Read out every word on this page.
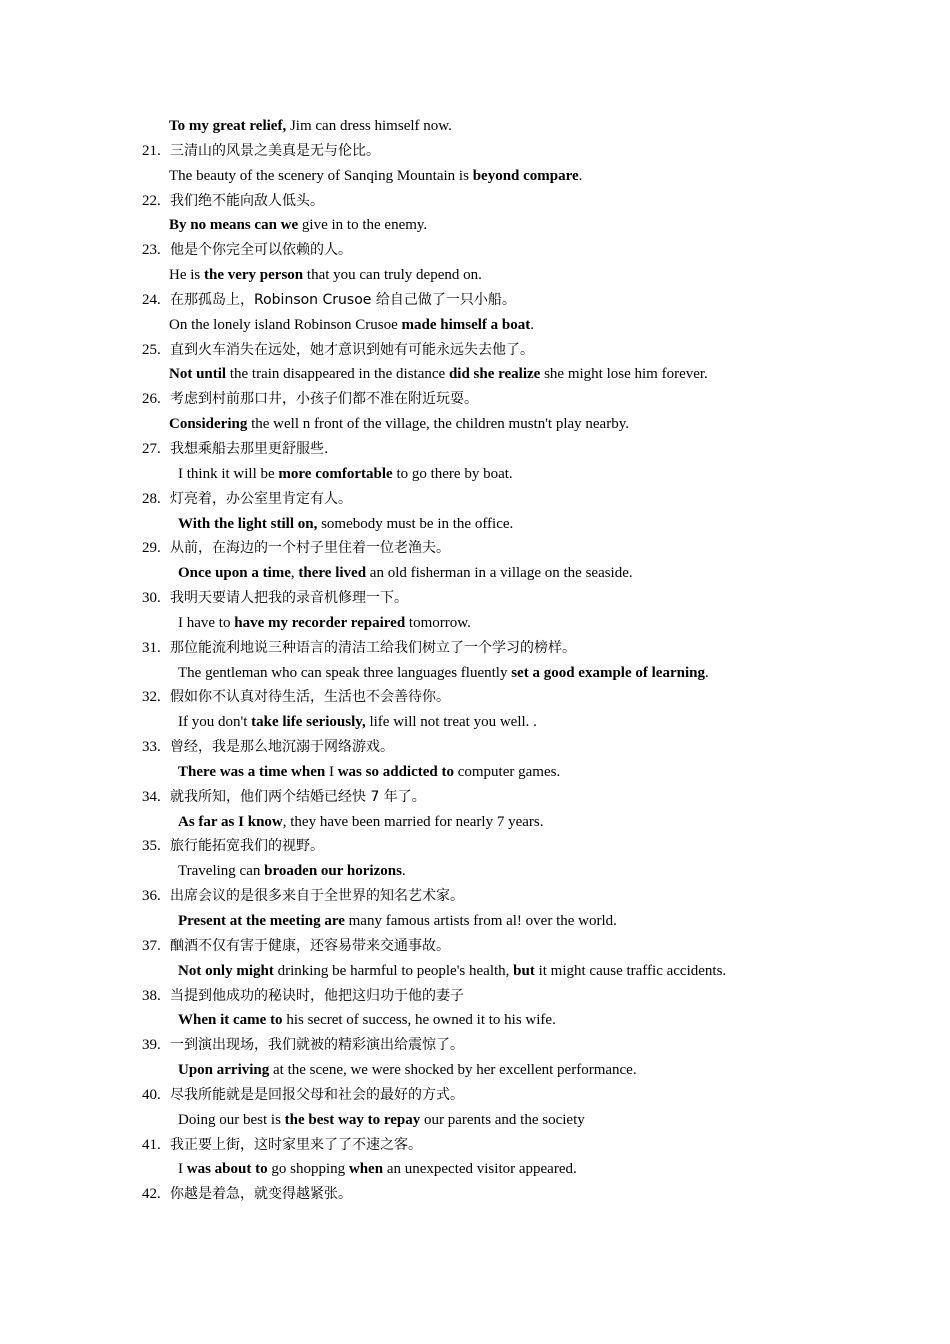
To my great relief, Jim can dress himself now.
21. 三清山的风景之美真是无与伦比。
The beauty of the scenery of Sanqing Mountain is beyond compare.
22. 我们绝不能向敌人低头。
By no means can we give in to the enemy.
23. 他是个你完全可以依赖的人。
He is the very person that you can truly depend on.
24. 在那孤岛上，Robinson Crusoe 给自己做了一只小船。
On the lonely island Robinson Crusoe made himself a boat.
25. 直到火车消失在远处，她才意识到她有可能永远失去他了。
Not until the train disappeared in the distance did she realize she might lose him forever.
26. 考虑到村前那口井，小孩子们都不准在附近玩耍。
Considering the well n front of the village, the children mustn't play nearby.
27. 我想乘船去那里更舒服些.
I think it will be more comfortable to go there by boat.
28. 灯亮着，办公室里肯定有人。
With the light still on, somebody must be in the office.
29. 从前，在海边的一个村子里住着一位老渔夫。
Once upon a time, there lived an old fisherman in a village on the seaside.
30. 我明天要请人把我的录音机修理一下。
I have to have my recorder repaired tomorrow.
31. 那位能流利地说三种语言的清洁工给我们树立了一个学习的榜样。
The gentleman who can speak three languages fluently set a good example of learning.
32. 假如你不认真对待生活，生活也不会善待你。
If you don't take life seriously, life will not treat you well. .
33. 曾经，我是那么地沉溺于网络游戏。
There was a time when I was so addicted to computer games.
34. 就我所知，他们两个结婚已经快 7 年了。
As far as I know, they have been married for nearly 7 years.
35. 旅行能拓宽我们的视野。
Traveling can broaden our horizons.
36. 出席会议的是很多来自于全世界的知名艺术家。
Present at the meeting are many famous artists from al! over the world.
37. 酗酒不仅有害于健康，还容易带来交通事故。
Not only might drinking be harmful to people's health, but it might cause traffic accidents.
38. 当提到他成功的秘诀时，他把这归功于他的妻子
When it came to his secret of success, he owned it to his wife.
39. 一到演出现场，我们就被的精彩演出给震惊了。
Upon arriving at the scene, we were shocked by her excellent performance.
40. 尽我所能就是是回报父母和社会的最好的方式。
Doing our best is the best way to repay our parents and the society
41. 我正要上街，这时家里来了了不速之客。
I was about to go shopping when an unexpected visitor appeared.
42. 你越是着急，就变得越紧张。
